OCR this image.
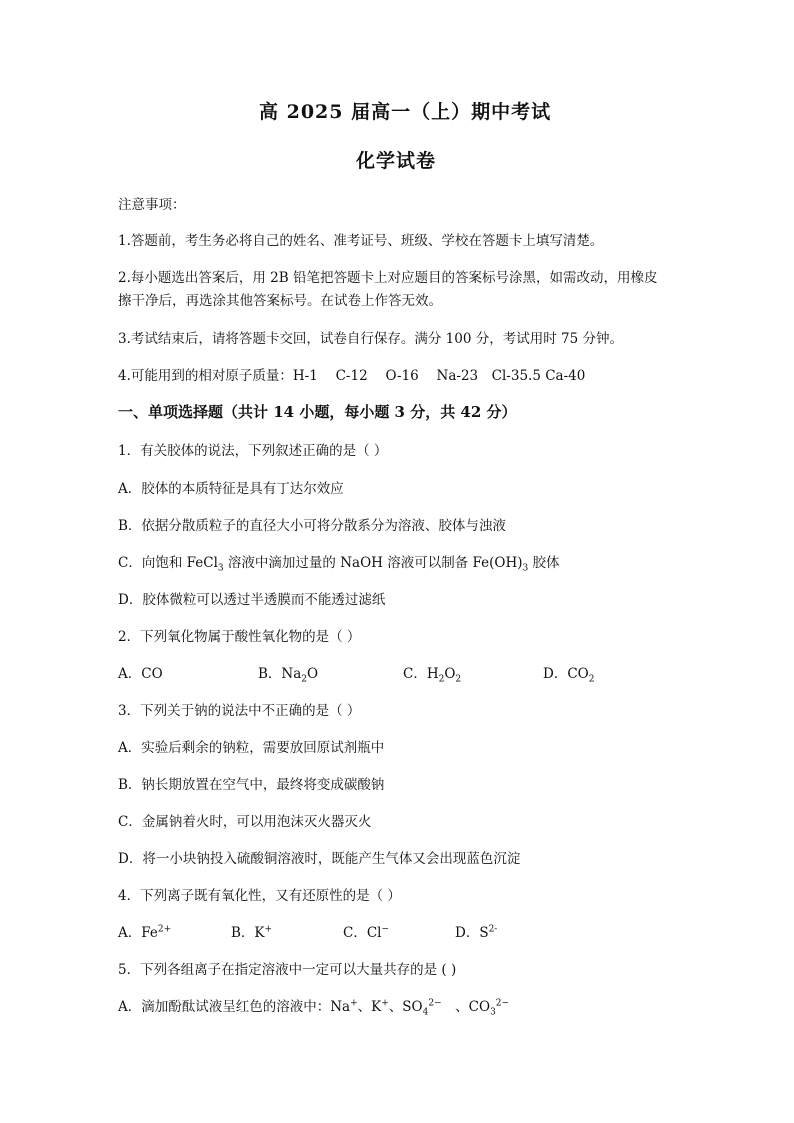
高 2025 届高一（上）期中考试
化学试卷
注意事项：
1.答题前，考生务必将自己的姓名、准考证号、班级、学校在答题卡上填写清楚。
2.每小题选出答案后，用 2B 铅笔把答题卡上对应题目的答案标号涂黑，如需改动，用橡皮
擦干净后，再选涂其他答案标号。在试卷上作答无效。
3.考试结束后，请将答题卡交回，试卷自行保存。满分 100 分，考试用时 75 分钟。
4.可能用到的相对原子质量：H-1　 C-12　 O-16　 Na-23　Cl-35.5 Ca-40
一、单项选择题（共计 14 小题，每小题 3 分，共 42 分）
1．有关胶体的说法，下列叙述正确的是（ ）
A．胶体的本质特征是具有丁达尔效应
B．依据分散质粒子的直径大小可将分散系分为溶液、胶体与浊液
C．向饱和 FeCl$_3$ 溶液中滴加过量的 NaOH 溶液可以制备 $Fe(OH)_3$ 胶体
D．胶体微粒可以透过半透膜而不能透过滤纸
2．下列氧化物属于酸性氧化物的是（ ）
A．CO	B．$Na_2O$	C．$H_2O_2$	D．$CO_2$
3．下列关于钠的说法中不正确的是（ ）
A．实验后剩余的钠粒，需要放回原试剂瓶中
B．钠长期放置在空气中，最终将变成碳酸钠
C．金属钠着火时，可以用泡沫灭火器灭火
D．将一小块钠投入硫酸铜溶液时，既能产生气体又会出现蓝色沉淀
4．下列离子既有氧化性，又有还原性的是（ ）
A．$Fe^{2+}$	B．K+	C．Cl−	D．$S^{2-}$
5．下列各组离子在指定溶液中一定可以大量共存的是 ( )
A．滴加酚酞试液呈红色的溶液中：Na+、K+、$SO_4^{2-}$　、$CO_3^{2-}$
